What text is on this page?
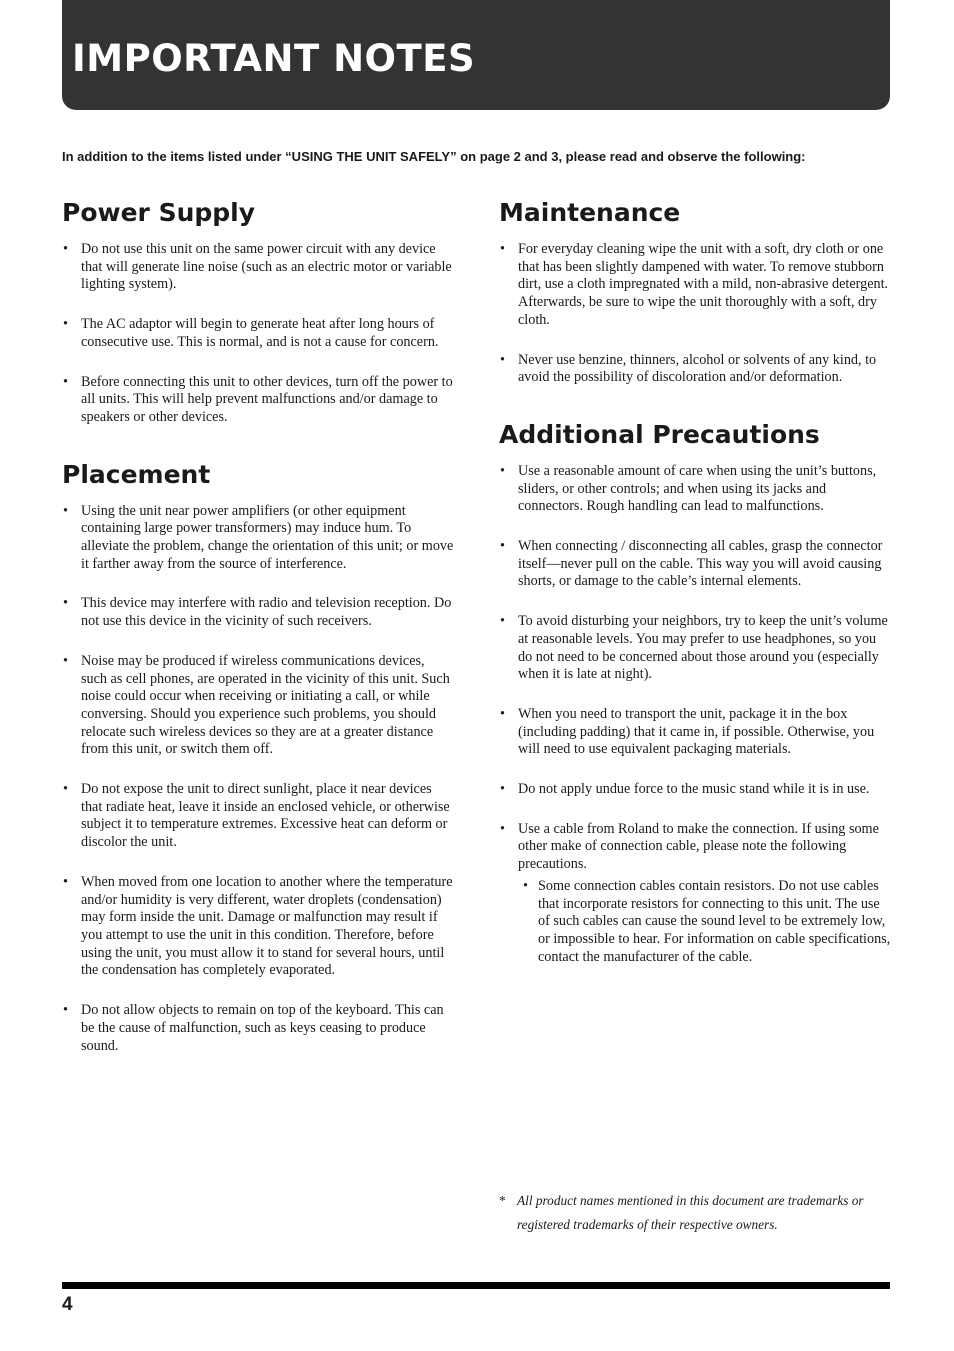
IMPORTANT NOTES

In addition to the items listed under “USING THE UNIT SAFELY” on page 2 and 3, please read and observe the following:

Power Supply
• Do not use this unit on the same power circuit with any device that will generate line noise (such as an electric motor or variable lighting system).
• The AC adaptor will begin to generate heat after long hours of consecutive use. This is normal, and is not a cause for concern.
• Before connecting this unit to other devices, turn off the power to all units. This will help prevent malfunctions and/or damage to speakers or other devices.
Placement
• Using the unit near power amplifiers (or other equipment containing large power transformers) may induce hum. To alleviate the problem, change the orientation of this unit; or move it farther away from the source of interference.
• This device may interfere with radio and television reception. Do not use this device in the vicinity of such receivers.
• Noise may be produced if wireless communications devices, such as cell phones, are operated in the vicinity of this unit. Such noise could occur when receiving or initiating a call, or while conversing. Should you experience such problems, you should relocate such wireless devices so they are at a greater distance from this unit, or switch them off.
• Do not expose the unit to direct sunlight, place it near devices that radiate heat, leave it inside an enclosed vehicle, or otherwise subject it to temperature extremes. Excessive heat can deform or discolor the unit.
• When moved from one location to another where the temperature and/or humidity is very different, water droplets (condensation) may form inside the unit. Damage or malfunction may result if you attempt to use the unit in this condition. Therefore, before using the unit, you must allow it to stand for several hours, until the condensation has completely evaporated.
• Do not allow objects to remain on top of the keyboard. This can be the cause of malfunction, such as keys ceasing to produce sound.
Maintenance
• For everyday cleaning wipe the unit with a soft, dry cloth or one that has been slightly dampened with water. To remove stubborn dirt, use a cloth impregnated with a mild, non-abrasive detergent. Afterwards, be sure to wipe the unit thoroughly with a soft, dry cloth.
• Never use benzine, thinners, alcohol or solvents of any kind, to avoid the possibility of discoloration and/or deformation.
Additional Precautions
• Use a reasonable amount of care when using the unit’s buttons, sliders, or other controls; and when using its jacks and connectors. Rough handling can lead to malfunctions.
• When connecting / disconnecting all cables, grasp the connector itself—never pull on the cable. This way you will avoid causing shorts, or damage to the cable’s internal elements.
• To avoid disturbing your neighbors, try to keep the unit’s volume at reasonable levels. You may prefer to use headphones, so you do not need to be concerned about those around you (especially when it is late at night).
• When you need to transport the unit, package it in the box (including padding) that it came in, if possible. Otherwise, you will need to use equivalent packaging materials.
• Do not apply undue force to the music stand while it is in use.
• Use a cable from Roland to make the connection. If using some other make of connection cable, please note the following precautions.
• Some connection cables contain resistors. Do not use cables that incorporate resistors for connecting to this unit. The use of such cables can cause the sound level to be extremely low, or impossible to hear. For information on cable specifications, contact the manufacturer of the cable.
* All product names mentioned in this document are trademarks or registered trademarks of their respective owners.
4
